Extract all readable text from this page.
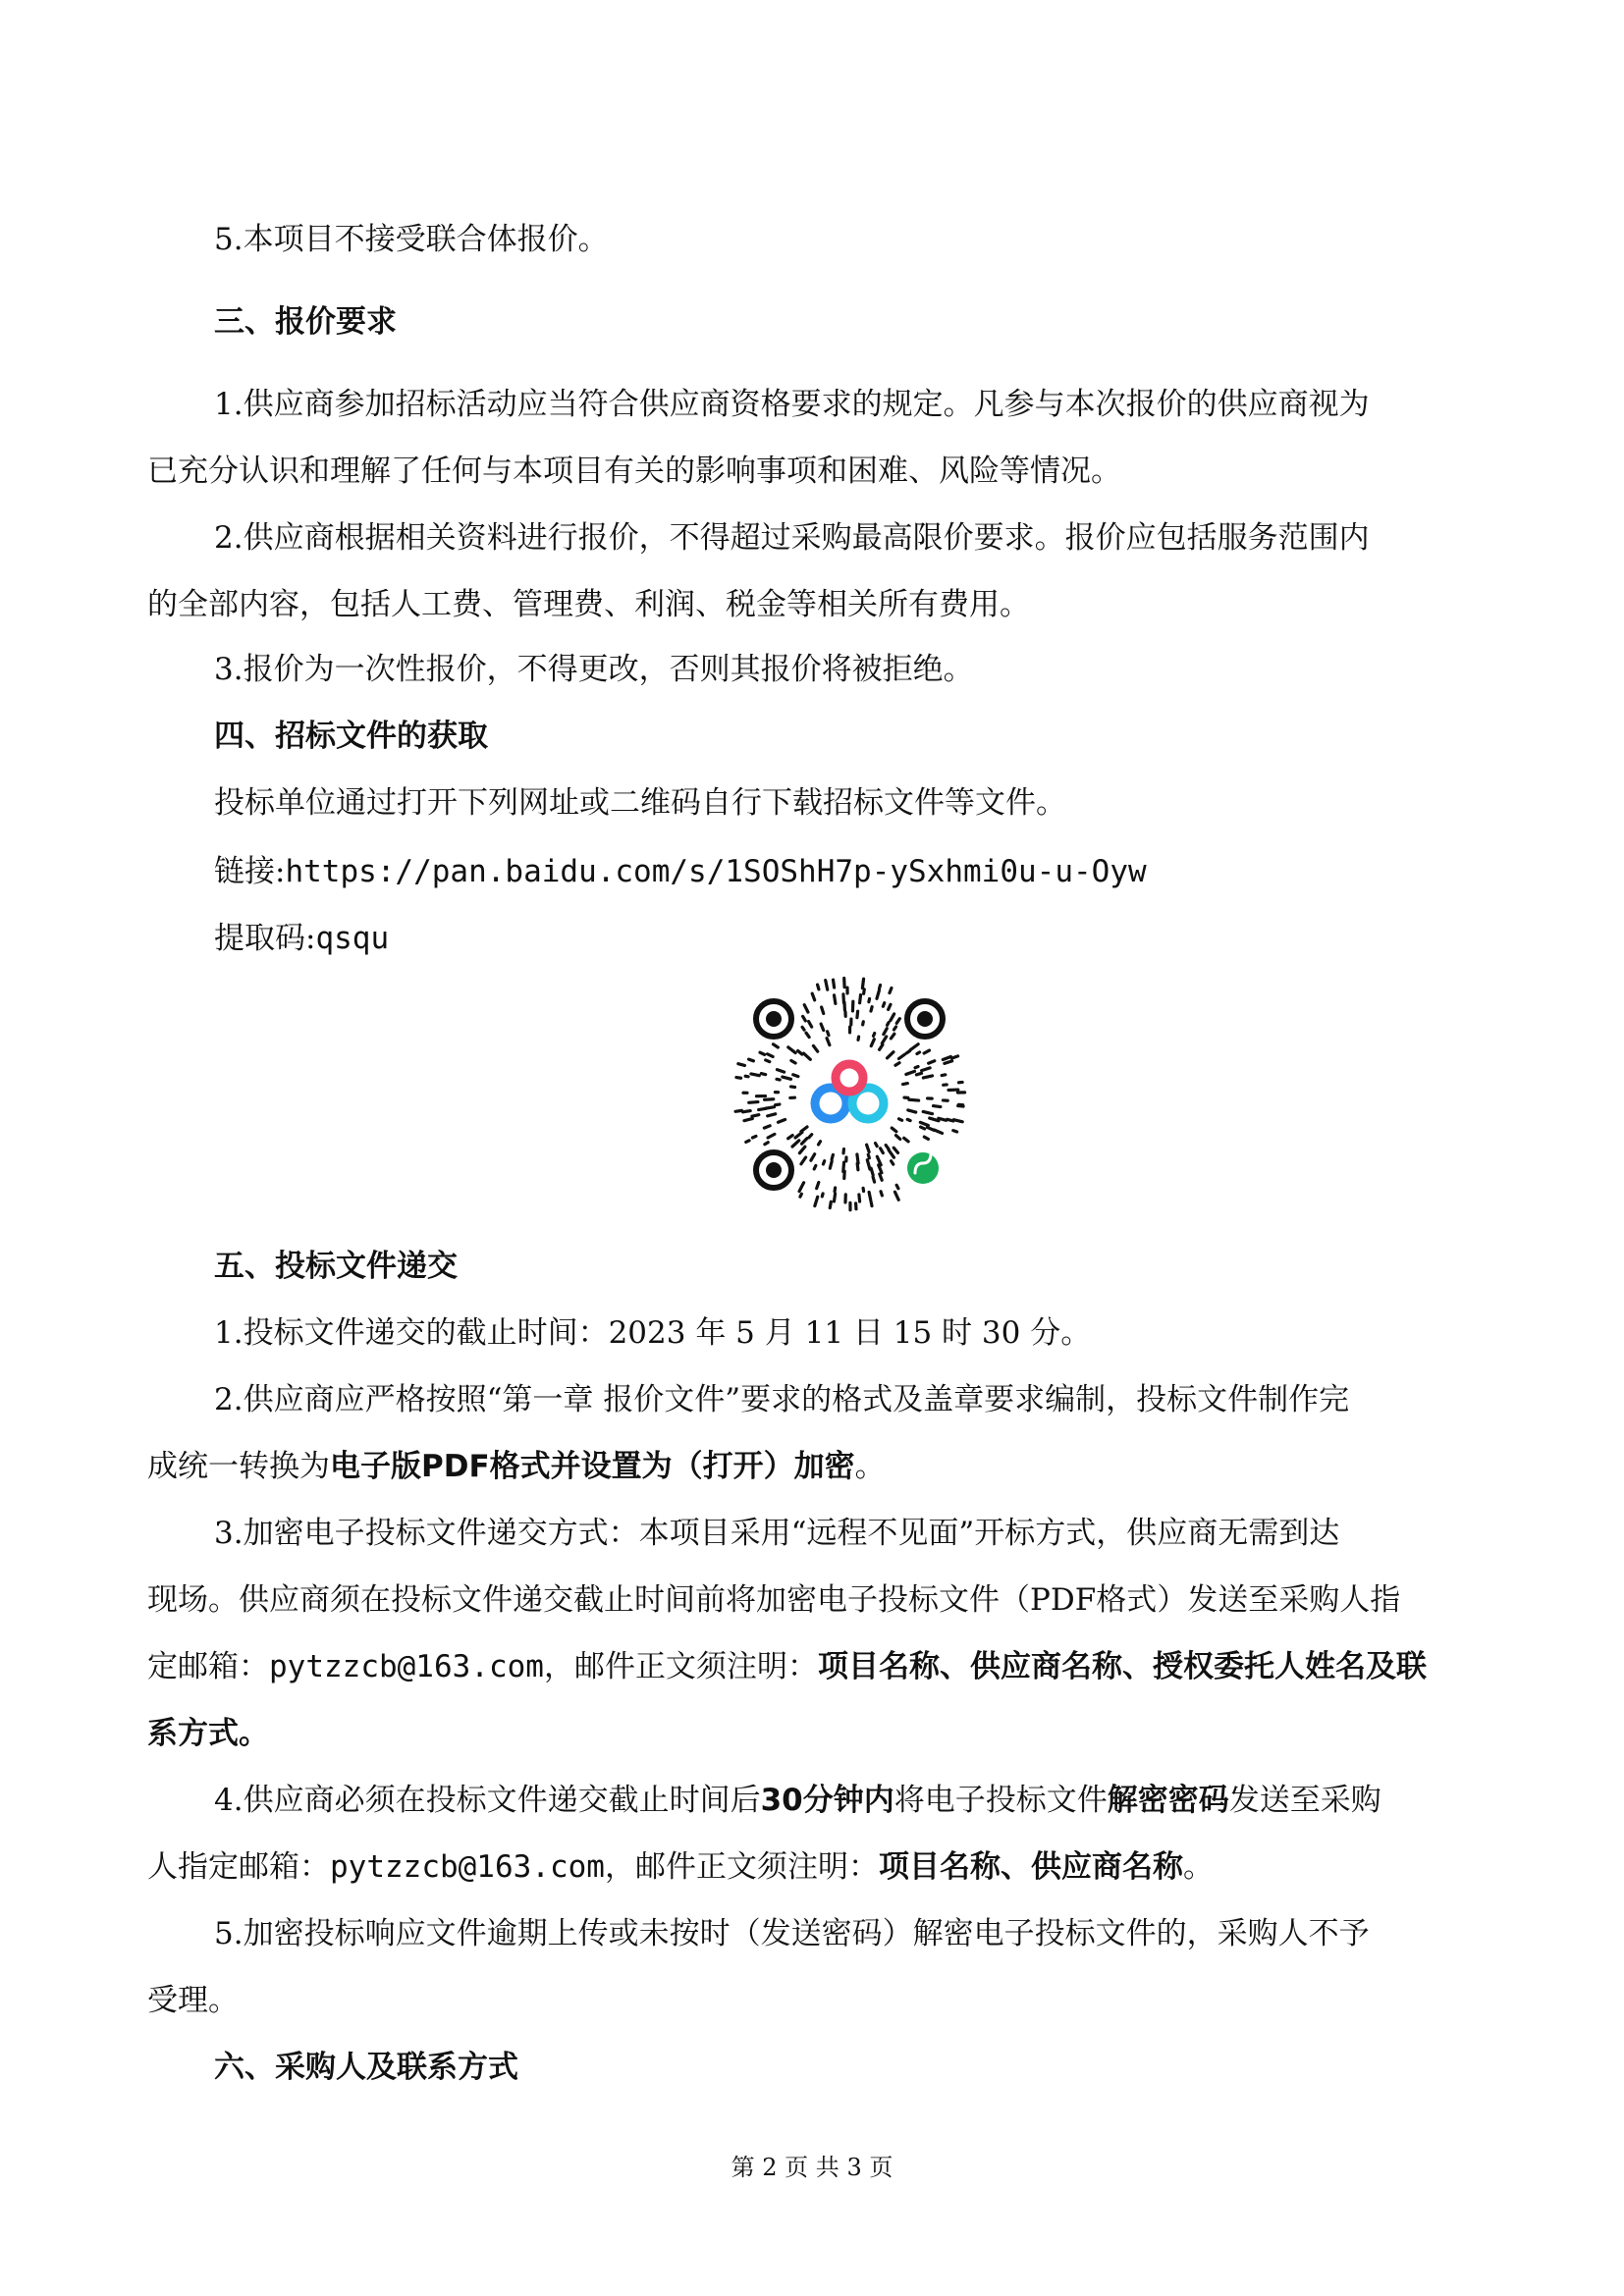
5.本项目不接受联合体报价。
三、报价要求
1.供应商参加招标活动应当符合供应商资格要求的规定。凡参与本次报价的供应商视为
已充分认识和理解了任何与本项目有关的影响事项和困难、风险等情况。
2.供应商根据相关资料进行报价，不得超过采购最高限价要求。报价应包括服务范围内
的全部内容，包括人工费、管理费、利润、税金等相关所有费用。
3.报价为一次性报价，不得更改，否则其报价将被拒绝。
四、招标文件的获取
投标单位通过打开下列网址或二维码自行下载招标文件等文件。
链接:https://pan.baidu.com/s/1SOShH7p-ySxhmi0u-u-Oyw
提取码:qsqu
五、投标文件递交
1.投标文件递交的截止时间：2023 年 5 月 11 日 15 时 30 分。
2.供应商应严格按照“第一章 报价文件”要求的格式及盖章要求编制，投标文件制作完
成统一转换为电子版PDF格式并设置为（打开）加密。
3.加密电子投标文件递交方式：本项目采用“远程不见面”开标方式，供应商无需到达
现场。供应商须在投标文件递交截止时间前将加密电子投标文件（PDF格式）发送至采购人指
定邮箱：pytzzcb@163.com，邮件正文须注明：项目名称、供应商名称、授权委托人姓名及联
系方式。
4.供应商必须在投标文件递交截止时间后30分钟内将电子投标文件解密密码发送至采购
人指定邮箱：pytzzcb@163.com，邮件正文须注明：项目名称、供应商名称。
5.加密投标响应文件逾期上传或未按时（发送密码）解密电子投标文件的，采购人不予
受理。
六、采购人及联系方式
第 2 页 共 3 页
